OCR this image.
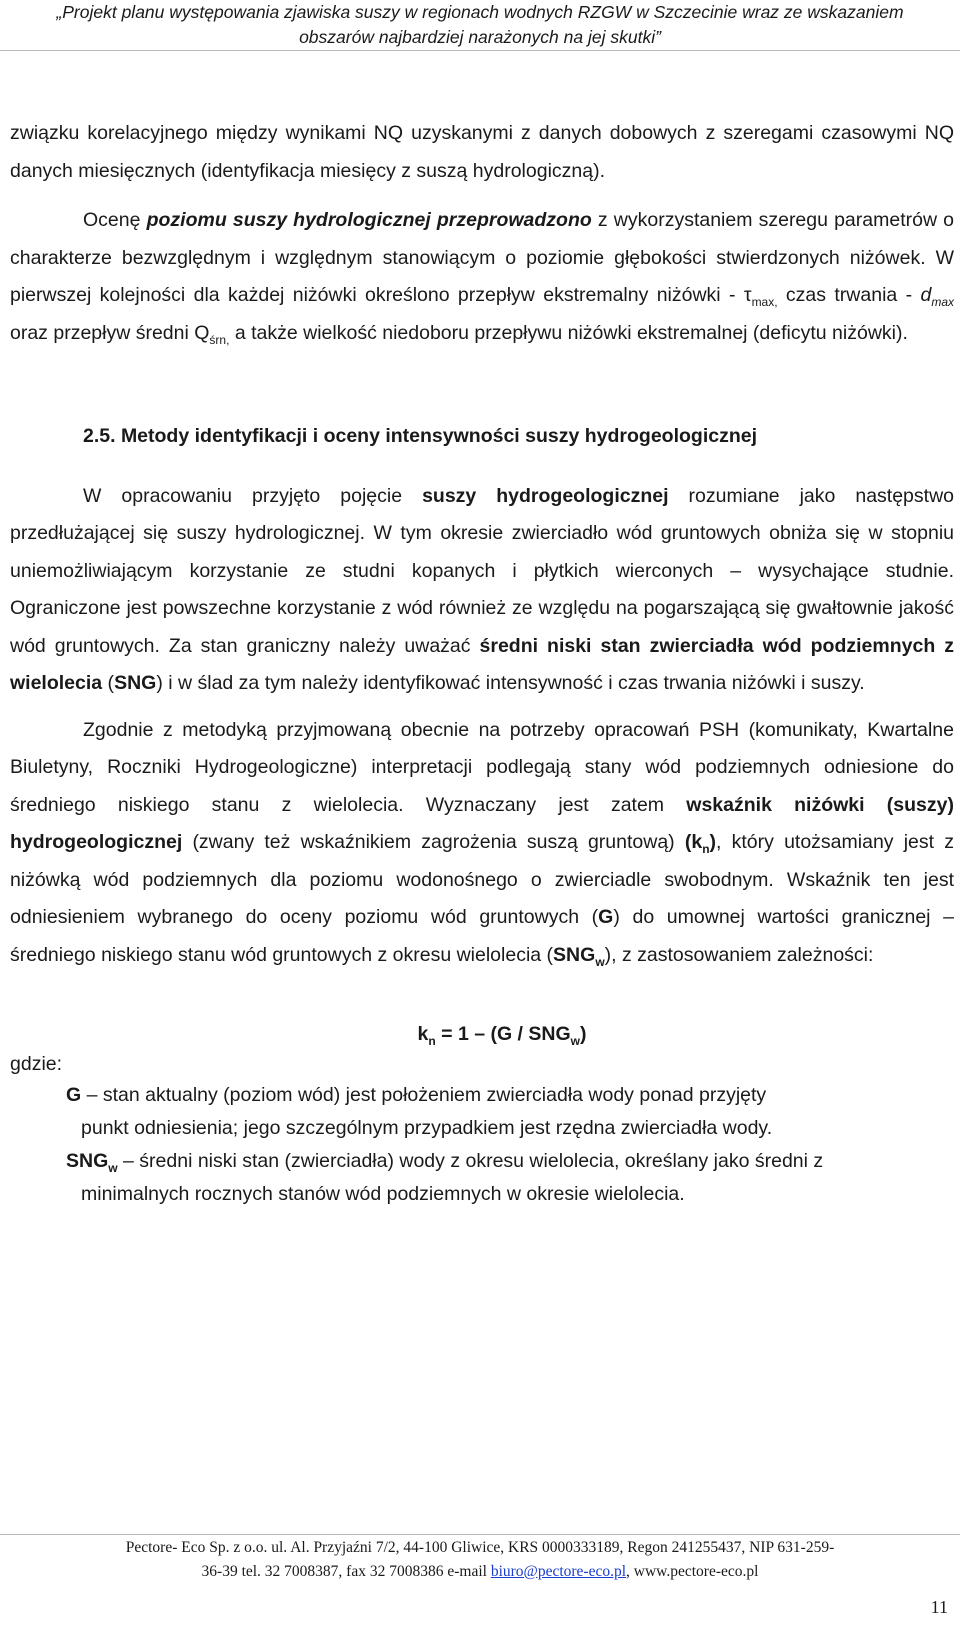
„Projekt planu występowania zjawiska suszy w regionach wodnych RZGW w Szczecinie wraz ze wskazaniem
obszarów najbardziej narażonych na jej skutki”

związku korelacyjnego między wynikami NQ uzyskanymi z danych dobowych z szeregami czasowymi NQ danych miesięcznych (identyfikacja miesięcy z suszą hydrologiczną).

Ocenę poziomu suszy hydrologicznej przeprowadzono z wykorzystaniem szeregu parametrów o charakterze bezwzględnym i względnym stanowiącym o poziomie głębokości stwierdzonych niżówek. W pierwszej kolejności dla każdej niżówki określono przepływ ekstremalny niżówki - $\tau_{max,}$ czas trwania - $d_{max}$ oraz przepływ średni $Q_{śrn,}$ a także wielkość niedoboru przepływu niżówki ekstremalnej (deficytu niżówki).

2.5. Metody identyfikacji i oceny intensywności suszy hydrogeologicznej

W opracowaniu przyjęto pojęcie suszy hydrogeologicznej rozumiane jako następstwo przedłużającej się suszy hydrologicznej. W tym okresie zwierciadło wód gruntowych obniża się w stopniu uniemożliwiającym korzystanie ze studni kopanych i płytkich wierconych – wysychające studnie. Ograniczone jest powszechne korzystanie z wód również ze względu na pogarszającą się gwałtownie jakość wód gruntowych. Za stan graniczny należy uważać średni niski stan zwierciadła wód podziemnych z wielolecia (SNG) i w ślad za tym należy identyfikować intensywność i czas trwania niżówki i suszy.

Zgodnie z metodyką przyjmowaną obecnie na potrzeby opracowań PSH (komunikaty, Kwartalne Biuletyny, Roczniki Hydrogeologiczne) interpretacji podlegają stany wód podziemnych odniesione do średniego niskiego stanu z wielolecia. Wyznaczany jest zatem wskaźnik niżówki (suszy) hydrogeologicznej (zwany też wskaźnikiem zagrożenia suszą gruntową) $(k_n)$, który utożsamiany jest z niżówką wód podziemnych dla poziomu wodonośnego o zwierciadle swobodnym. Wskaźnik ten jest odniesieniem wybranego do oceny poziomu wód gruntowych (G) do umownej wartości granicznej – średniego niskiego stanu wód gruntowych z okresu wielolecia $(SNG_w)$, z zastosowaniem zależności:

$k_n = 1 - (G / SNG_w)$

gdzie:

G – stan aktualny (poziom wód) jest położeniem zwierciadła wody ponad przyjęty
punkt odniesienia; jego szczególnym przypadkiem jest rzędna zwierciadła wody.
$SNG_w$ – średni niski stan (zwierciadła) wody z okresu wielolecia, określany jako średni z
minimalnych rocznych stanów wód podziemnych w okresie wielolecia.
Pectore- Eco Sp. z o.o. ul. Al. Przyjaźni 7/2, 44-100 Gliwice, KRS 0000333189, Regon 241255437, NIP 631-259-
36-39 tel. 32 7008387, fax 32 7008386 e-mail biuro@pectore-eco.pl, www.pectore-eco.pl
11
